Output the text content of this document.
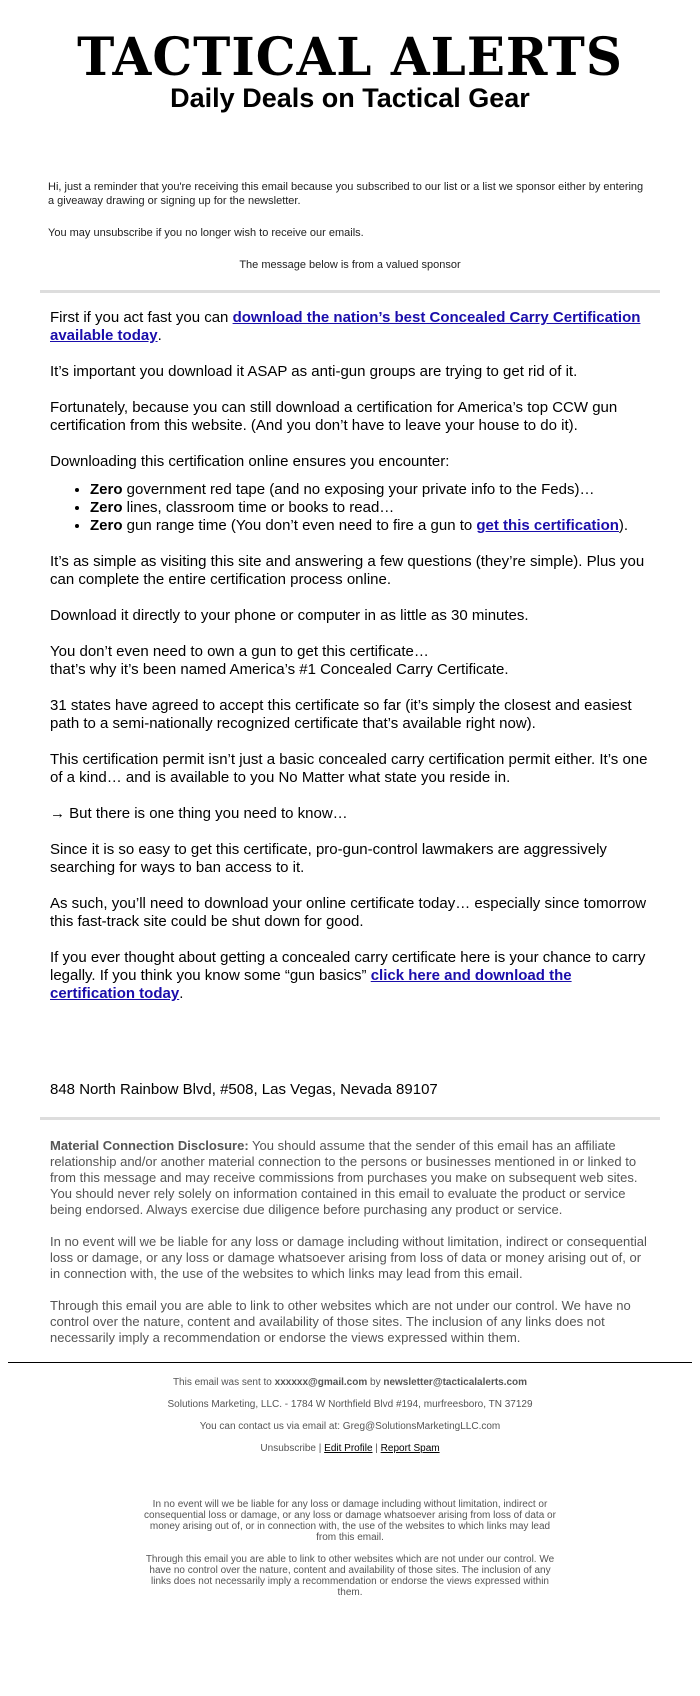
TACTICAL ALERTS
Daily Deals on Tactical Gear

Hi, just a reminder that you're receiving this email because you subscribed to our list or a list we sponsor either by entering a giveaway drawing or signing up for the newsletter.

You may unsubscribe if you no longer wish to receive our emails.

The message below is from a valued sponsor

First if you act fast you can download the nation’s best Concealed Carry Certification available today.

It’s important you download it ASAP as anti-gun groups are trying to get rid of it.

Fortunately, because you can still download a certification for America’s top CCW gun certification from this website. (And you don’t have to leave your house to do it).

Downloading this certification online ensures you encounter:

• Zero government red tape (and no exposing your private info to the Feds)…
• Zero lines, classroom time or books to read…
• Zero gun range time (You don’t even need to fire a gun to get this certification).

It’s as simple as visiting this site and answering a few questions (they’re simple). Plus you can complete the entire certification process online.

Download it directly to your phone or computer in as little as 30 minutes.

You don’t even need to own a gun to get this certificate…
that’s why it’s been named America’s #1 Concealed Carry Certificate.

31 states have agreed to accept this certificate so far (it’s simply the closest and easiest path to a semi-nationally recognized certificate that’s available right now).

This certification permit isn’t just a basic concealed carry certification permit either. It’s one of a kind… and is available to you No Matter what state you reside in.

→ But there is one thing you need to know…

Since it is so easy to get this certificate, pro-gun-control lawmakers are aggressively searching for ways to ban access to it.

As such, you’ll need to download your online certificate today… especially since tomorrow this fast-track site could be shut down for good.

If you ever thought about getting a concealed carry certificate here is your chance to carry legally. If you think you know some “gun basics” click here and download the certification today.

848 North Rainbow Blvd, #508, Las Vegas, Nevada 89107

Material Connection Disclosure: You should assume that the sender of this email has an affiliate relationship and/or another material connection to the persons or businesses mentioned in or linked to from this message and may receive commissions from purchases you make on subsequent web sites. You should never rely solely on information contained in this email to evaluate the product or service being endorsed. Always exercise due diligence before purchasing any product or service.

In no event will we be liable for any loss or damage including without limitation, indirect or consequential loss or damage, or any loss or damage whatsoever arising from loss of data or money arising out of, or in connection with, the use of the websites to which links may lead from this email.

Through this email you are able to link to other websites which are not under our control. We have no control over the nature, content and availability of those sites. The inclusion of any links does not necessarily imply a recommendation or endorse the views expressed within them.

This email was sent to xxxxxx@gmail.com by newsletter@tacticalalerts.com

Solutions Marketing, LLC. - 1784 W Northfield Blvd #194, murfreesboro, TN 37129

You can contact us via email at: Greg@SolutionsMarketingLLC.com

Unsubscribe | Edit Profile | Report Spam

In no event will we be liable for any loss or damage including without limitation, indirect or consequential loss or damage, or any loss or damage whatsoever arising from loss of data or money arising out of, or in connection with, the use of the websites to which links may lead from this email.

Through this email you are able to link to other websites which are not under our control. We have no control over the nature, content and availability of those sites. The inclusion of any links does not necessarily imply a recommendation or endorse the views expressed within them.
